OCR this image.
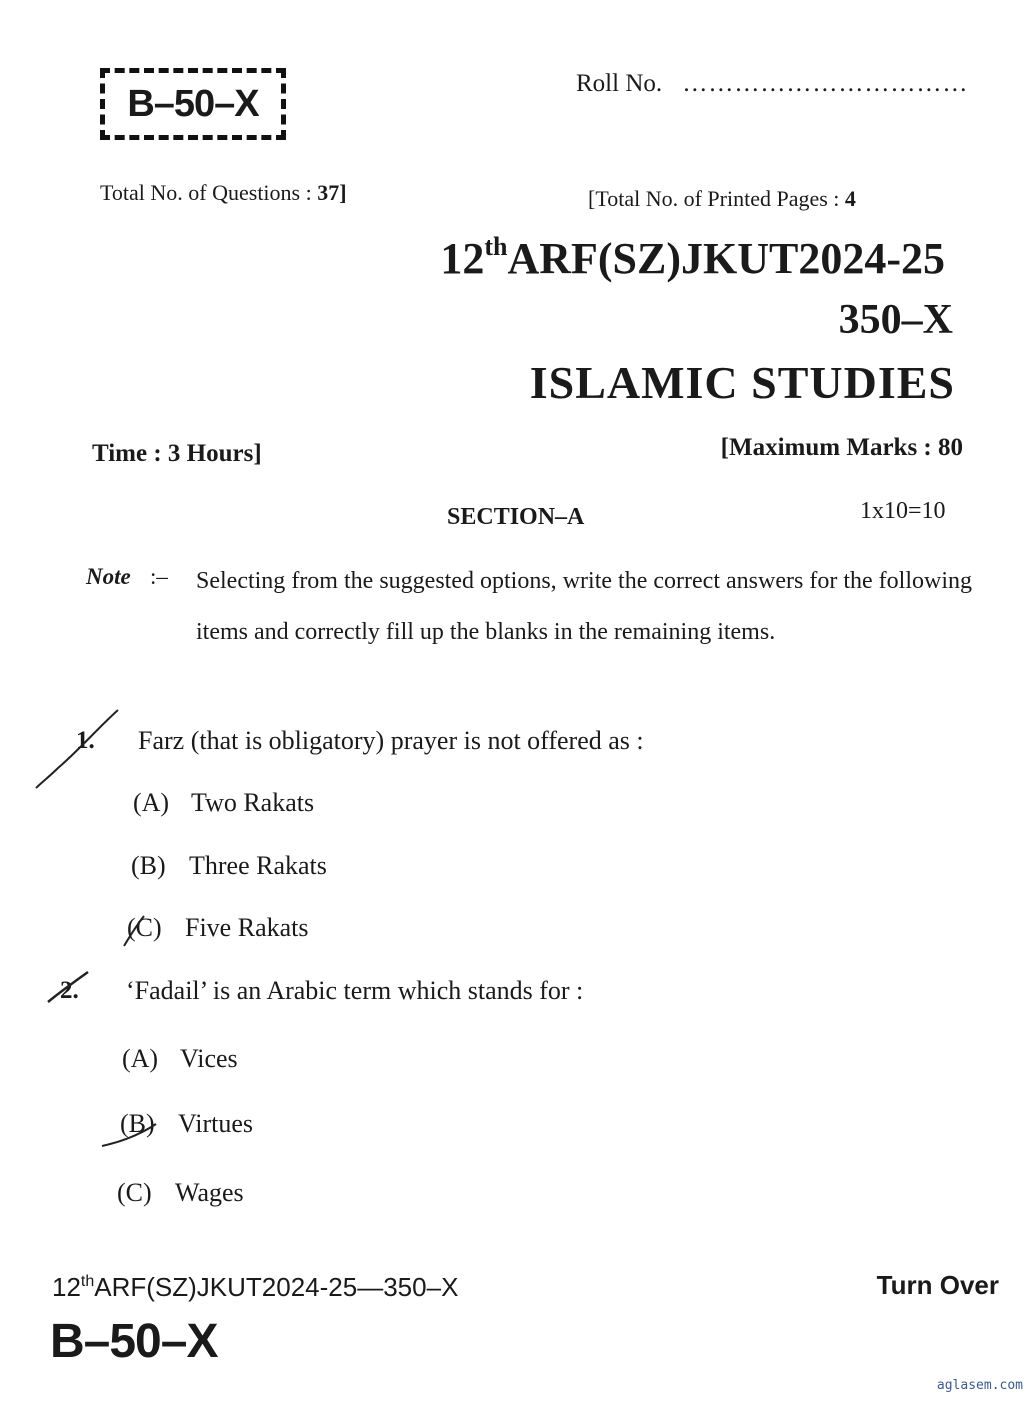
B–50–X	Roll No. ……………………………
Total No. of Questions : 37]	[Total No. of Printed Pages : 4
12thARF(SZ)JKUT2024-25
350–X
ISLAMIC STUDIES
Time : 3 Hours]	[Maximum Marks : 80
SECTION–A	1x10=10
Note :– Selecting from the suggested options, write the correct answers for the following items and correctly fill up the blanks in the remaining items.
1. Farz (that is obligatory) prayer is not offered as :
(A) Two Rakats
(B) Three Rakats
(C) Five Rakats
2. ‘Fadail’ is an Arabic term which stands for :
(A) Vices
(B) Virtues
(C) Wages
12thARF(SZ)JKUT2024-25—350–X
B–50–X
Turn Over
aglasem.com
